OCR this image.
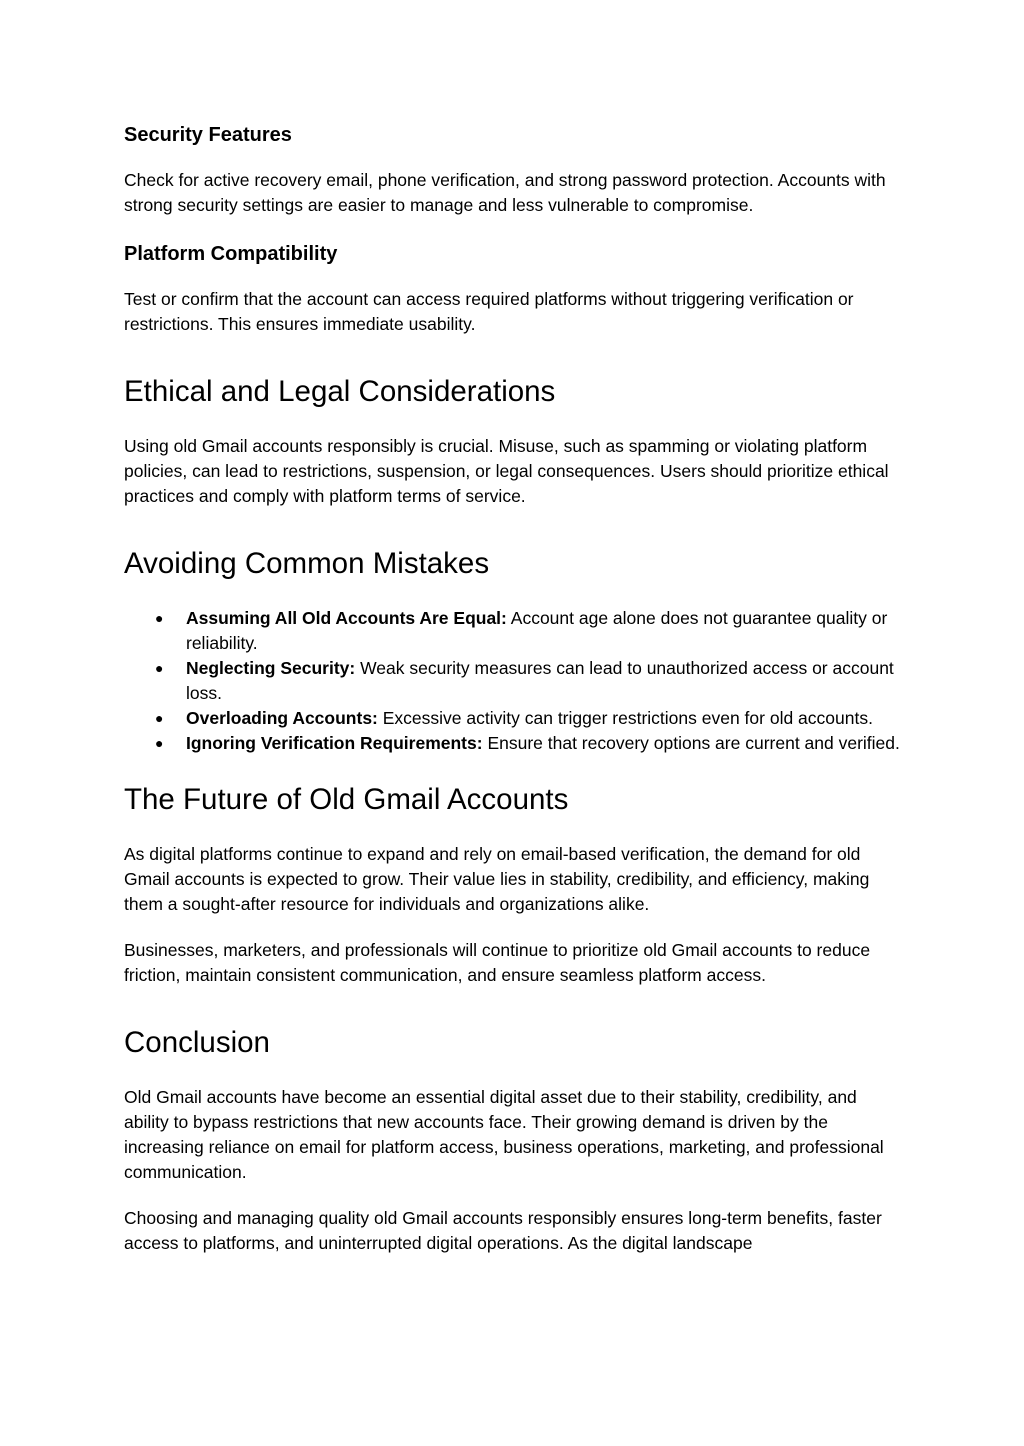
Security Features

Check for active recovery email, phone verification, and strong password protection. Accounts with strong security settings are easier to manage and less vulnerable to compromise.

Platform Compatibility

Test or confirm that the account can access required platforms without triggering verification or restrictions. This ensures immediate usability.

Ethical and Legal Considerations

Using old Gmail accounts responsibly is crucial. Misuse, such as spamming or violating platform policies, can lead to restrictions, suspension, or legal consequences. Users should prioritize ethical practices and comply with platform terms of service.

Avoiding Common Mistakes
● Assuming All Old Accounts Are Equal: Account age alone does not guarantee quality or reliability.
● Neglecting Security: Weak security measures can lead to unauthorized access or account loss.
● Overloading Accounts: Excessive activity can trigger restrictions even for old accounts.
● Ignoring Verification Requirements: Ensure that recovery options are current and verified.
The Future of Old Gmail Accounts

As digital platforms continue to expand and rely on email-based verification, the demand for old Gmail accounts is expected to grow. Their value lies in stability, credibility, and efficiency, making them a sought-after resource for individuals and organizations alike.

Businesses, marketers, and professionals will continue to prioritize old Gmail accounts to reduce friction, maintain consistent communication, and ensure seamless platform access.

Conclusion

Old Gmail accounts have become an essential digital asset due to their stability, credibility, and ability to bypass restrictions that new accounts face. Their growing demand is driven by the increasing reliance on email for platform access, business operations, marketing, and professional communication.

Choosing and managing quality old Gmail accounts responsibly ensures long-term benefits, faster access to platforms, and uninterrupted digital operations. As the digital landscape
